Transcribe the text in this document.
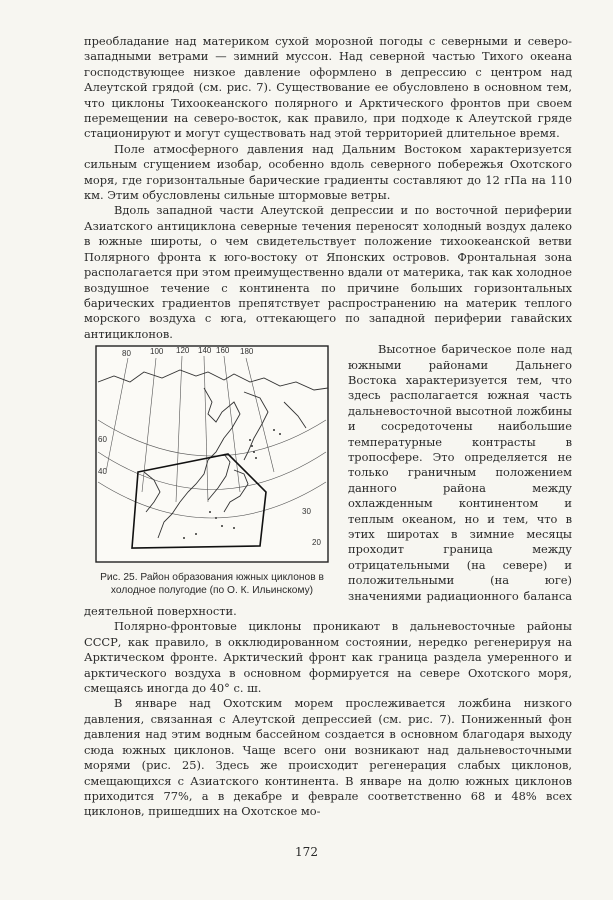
преобладание над материком сухой морозной погоды с северными и северо-западными ветрами — зимний муссон. Над северной частью Тихого океана господствующее низкое давление оформлено в депрессию с центром над Алеутской грядой (см. рис. 7). Существование ее обусловлено в основном тем, что циклоны Тихоокеанского полярного и Арктического фронтов при своем перемещении на северо-восток, как правило, при подходе к Алеутской гряде стационируют и могут существовать над этой территорией длительное время.

Поле атмосферного давления над Дальним Востоком характеризуется сильным сгущением изобар, особенно вдоль северного побережья Охотского моря, где горизонтальные барические градиенты составляют до 12 гПа на 110 км. Этим обусловлены сильные штормовые ветры.

Вдоль западной части Алеутской депрессии и по восточной периферии Азиатского антициклона северные течения переносят холодный воздух далеко в южные широты, о чем свидетельствует положение тихоокеанской ветви Полярного фронта к юго-востоку от Японских островов. Фронтальная зона располагается при этом преимущественно вдали от материка, так как холодное воздушное течение с континента по причине больших горизонтальных барических градиентов препятствует распространению на материк теплого морского воздуха с юга, оттекающего по западной периферии гавайских антициклонов.

80 100 120 140 160 180
60
40
30
20
Рис. 25. Район образования южных циклонов в холодное полугодие (по О. К. Ильинскому)

Высотное барическое поле над южными районами Дальнего Востока характеризуется тем, что здесь располагается южная часть дальневосточной высотной ложбины и сосредоточены наибольшие температурные контрасты в тропосфере. Это определяется не только граничным положением данного района между охлажденным континентом и теплым океаном, но и тем, что в этих широтах в зимние месяцы проходит граница между отрицательными (на севере) и положительными (на юге) значениями радиационного баланса деятельной поверхности.

Полярно-фронтовые циклоны проникают в дальневосточные районы СССР, как правило, в окклюдированном состоянии, нередко регенерируя на Арктическом фронте. Арктический фронт как граница раздела умеренного и арктического воздуха в основном формируется на севере Охотского моря, смещаясь иногда до 40° с. ш.

В январе над Охотским морем прослеживается ложбина низкого давления, связанная с Алеутской депрессией (см. рис. 7). Пониженный фон давления над этим водным бассейном создается в основном благодаря выходу сюда южных циклонов. Чаще всего они возникают над дальневосточными морями (рис. 25). Здесь же происходит регенерация слабых циклонов, смещающихся с Азиатского континента. В январе на долю южных циклонов приходится 77%, а в декабре и феврале соответственно 68 и 48% всех циклонов, пришедших на Охотское мо-

172
